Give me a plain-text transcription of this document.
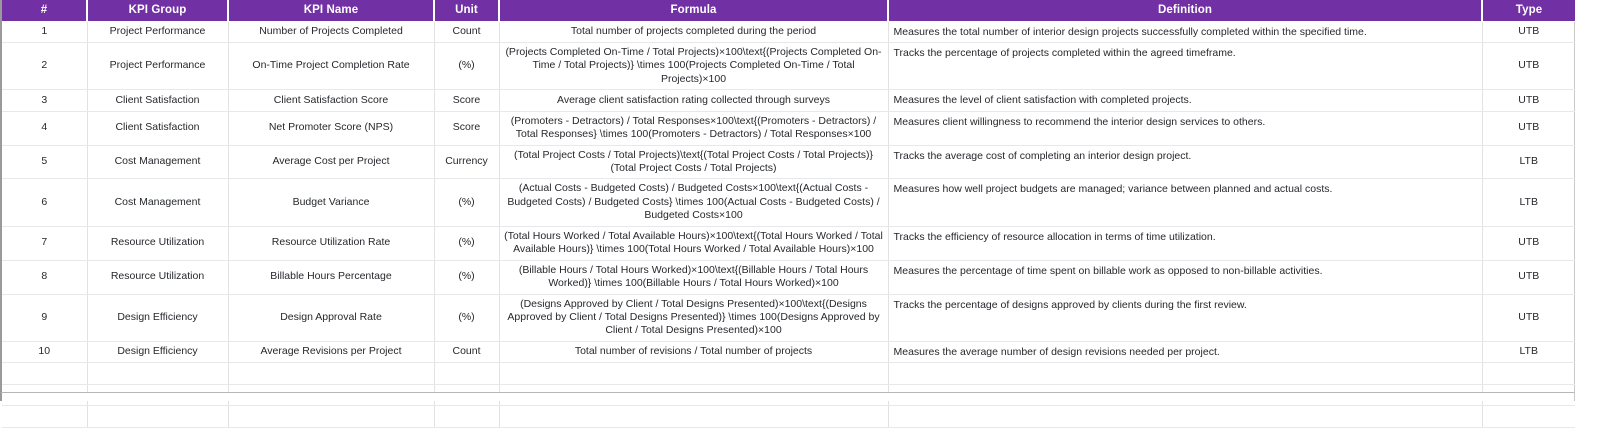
#	KPI Group	KPI Name	Unit	Formula	Definition	Type
1	Project Performance	Number of Projects Completed	Count	Total number of projects completed during the period	Measures the total number of interior design projects successfully completed within the specified time.	UTB
2	Project Performance	On-Time Project Completion Rate	(%)	(Projects Completed On-Time / Total Projects)×100\text{(Projects Completed On-Time / Total Projects)} \times 100(Projects Completed On-Time / Total Projects)×100	Tracks the percentage of projects completed within the agreed timeframe.	UTB
3	Client Satisfaction	Client Satisfaction Score	Score	Average client satisfaction rating collected through surveys	Measures the level of client satisfaction with completed projects.	UTB
4	Client Satisfaction	Net Promoter Score (NPS)	Score	(Promoters - Detractors) / Total Responses×100\text{(Promoters - Detractors) / Total Responses} \times 100(Promoters - Detractors) / Total Responses×100	Measures client willingness to recommend the interior design services to others.	UTB
5	Cost Management	Average Cost per Project	Currency	(Total Project Costs / Total Projects)\text{(Total Project Costs / Total Projects)}(Total Project Costs / Total Projects)	Tracks the average cost of completing an interior design project.	LTB
6	Cost Management	Budget Variance	(%)	(Actual Costs - Budgeted Costs) / Budgeted Costs×100\text{(Actual Costs - Budgeted Costs) / Budgeted Costs} \times 100(Actual Costs - Budgeted Costs) / Budgeted Costs×100	Measures how well project budgets are managed; variance between planned and actual costs.	LTB
7	Resource Utilization	Resource Utilization Rate	(%)	(Total Hours Worked / Total Available Hours)×100\text{(Total Hours Worked / Total Available Hours)} \times 100(Total Hours Worked / Total Available Hours)×100	Tracks the efficiency of resource allocation in terms of time utilization.	UTB
8	Resource Utilization	Billable Hours Percentage	(%)	(Billable Hours / Total Hours Worked)×100\text{(Billable Hours / Total Hours Worked)} \times 100(Billable Hours / Total Hours Worked)×100	Measures the percentage of time spent on billable work as opposed to non-billable activities.	UTB
9	Design Efficiency	Design Approval Rate	(%)	(Designs Approved by Client / Total Designs Presented)×100\text{(Designs Approved by Client / Total Designs Presented)} \times 100(Designs Approved by Client / Total Designs Presented)×100	Tracks the percentage of designs approved by clients during the first review.	UTB
10	Design Efficiency	Average Revisions per Project	Count	Total number of revisions / Total number of projects	Measures the average number of design revisions needed per project.	LTB
